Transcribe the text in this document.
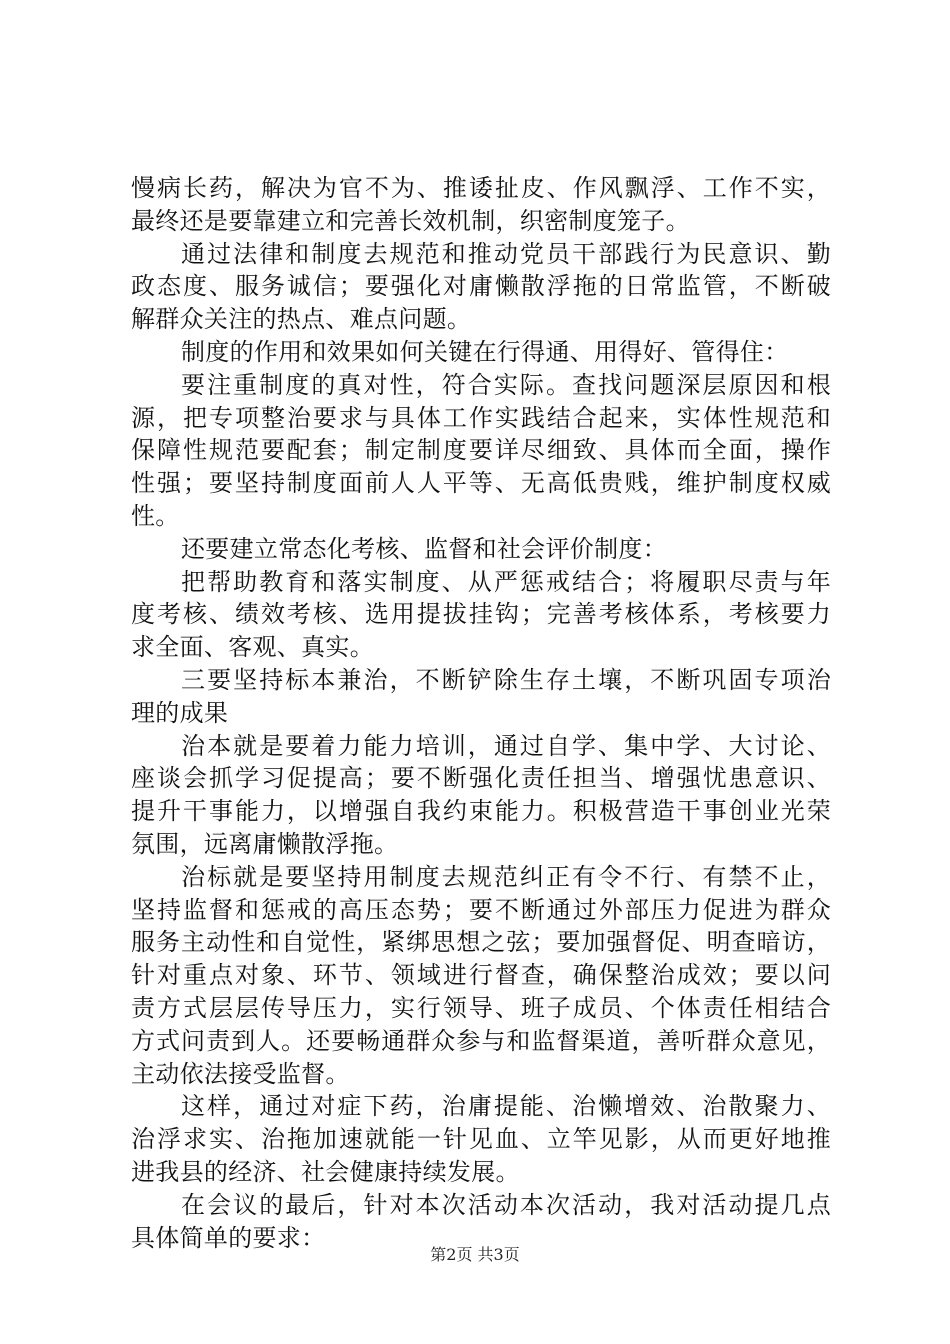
慢病长药，解决为官不为、推诿扯皮、作风飘浮、工作不实，
最终还是要靠建立和完善长效机制，织密制度笼子。
通过法律和制度去规范和推动党员干部践行为民意识、勤
政态度、服务诚信；要强化对庸懒散浮拖的日常监管，不断破
解群众关注的热点、难点问题。
制度的作用和效果如何关键在行得通、用得好、管得住：
要注重制度的真对性，符合实际。查找问题深层原因和根
源，把专项整治要求与具体工作实践结合起来，实体性规范和
保障性规范要配套；制定制度要详尽细致、具体而全面，操作
性强；要坚持制度面前人人平等、无高低贵贱，维护制度权威
性。
还要建立常态化考核、监督和社会评价制度：
把帮助教育和落实制度、从严惩戒结合；将履职尽责与年
度考核、绩效考核、选用提拔挂钩；完善考核体系，考核要力
求全面、客观、真实。
三要坚持标本兼治，不断铲除生存土壤，不断巩固专项治
理的成果
治本就是要着力能力培训，通过自学、集中学、大讨论、
座谈会抓学习促提高；要不断强化责任担当、增强忧患意识、
提升干事能力，以增强自我约束能力。积极营造干事创业光荣
氛围，远离庸懒散浮拖。
治标就是要坚持用制度去规范纠正有令不行、有禁不止，
坚持监督和惩戒的高压态势；要不断通过外部压力促进为群众
服务主动性和自觉性，紧绑思想之弦；要加强督促、明查暗访，
针对重点对象、环节、领域进行督查，确保整治成效；要以问
责方式层层传导压力，实行领导、班子成员、个体责任相结合
方式问责到人。还要畅通群众参与和监督渠道，善听群众意见，
主动依法接受监督。
这样，通过对症下药，治庸提能、治懒增效、治散聚力、
治浮求实、治拖加速就能一针见血、立竿见影，从而更好地推
进我县的经济、社会健康持续发展。
在会议的最后，针对本次活动本次活动，我对活动提几点
具体简单的要求：
第2页 共3页
